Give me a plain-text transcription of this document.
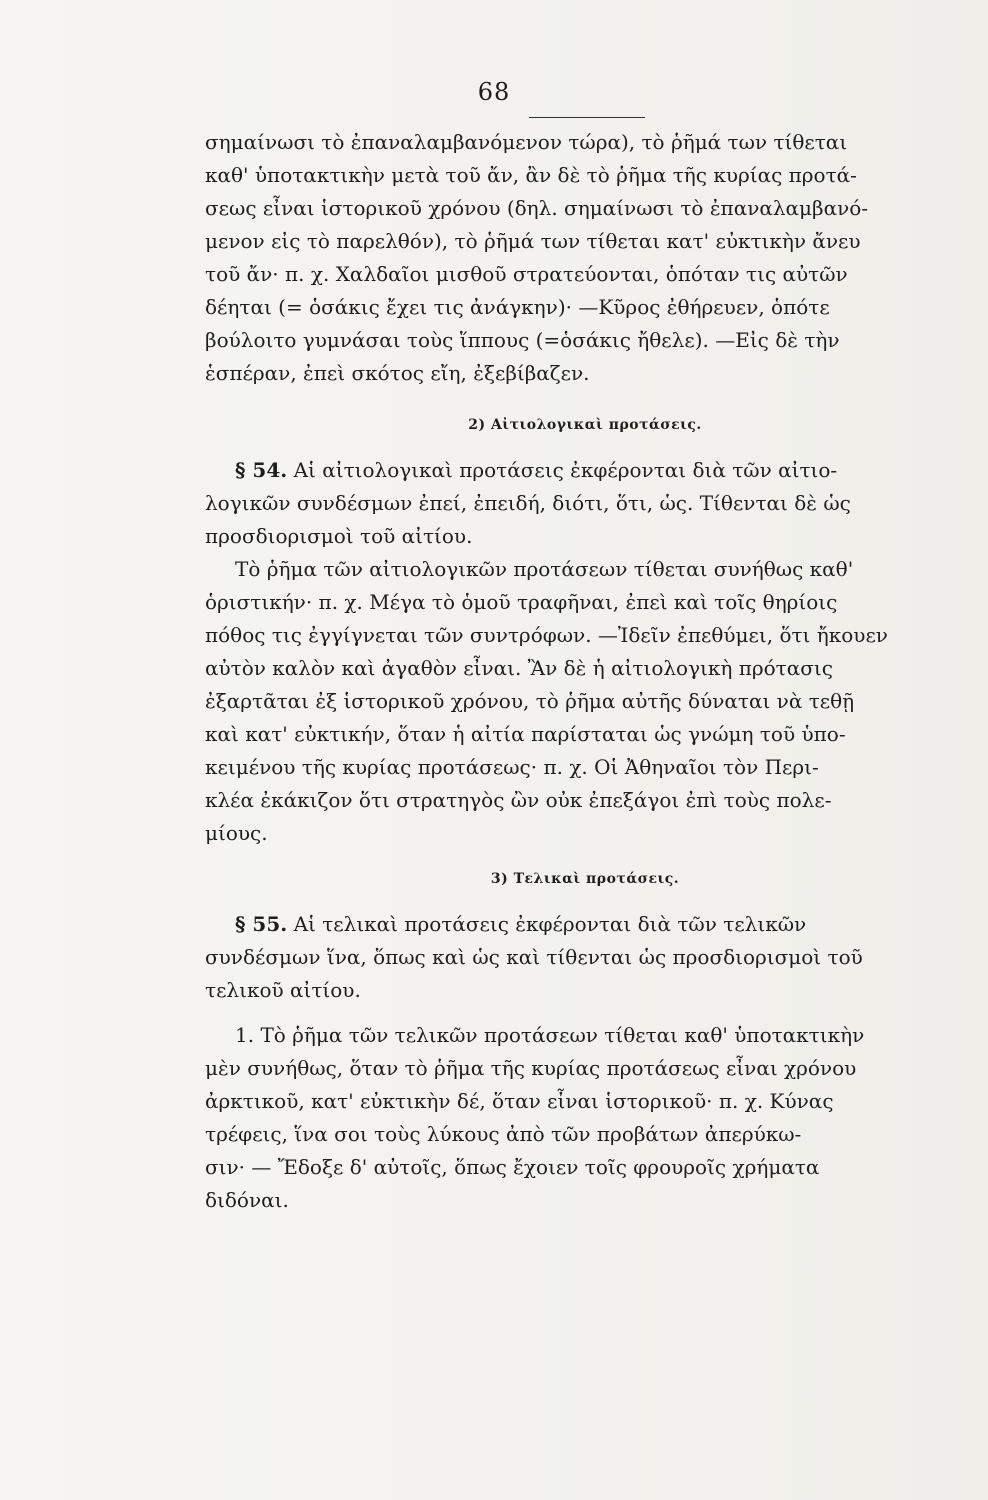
68
σημαίνωσι τὸ ἐπαναλαμβανόμενον τώρα), τὸ ῥῆμά των τίθεται
καθ' ὑποτακτικὴν μετὰ τοῦ ἄν, ἂν δὲ τὸ ῥῆμα τῆς κυρίας προτά-
σεως εἶναι ἱστορικοῦ χρόνου (δηλ. σημαίνωσι τὸ ἐπαναλαμβανό-
μενον εἰς τὸ παρελθόν), τὸ ῥῆμά των τίθεται κατ' εὐκτικὴν ἄνευ
τοῦ ἄν· π. χ. Χαλδαῖοι μισθοῦ στρατεύονται, ὁπόταν τις αὐτῶν
δέηται (= ὁσάκις ἔχει τις ἀνάγκην)· —Κῦρος ἐθήρευεν, ὁπότε
βούλοιτο γυμνάσαι τοὺς ἵππους (=ὁσάκις ἤθελε). —Εἰς δὲ τὴν
ἑσπέραν, ἐπεὶ σκότος εἴη, ἐξεβίβαζεν.
2) Αἰτιολογικαὶ προτάσεις.
§ 54. Αἱ αἰτιολογικαὶ προτάσεις ἐκφέρονται διὰ τῶν αἰτιο-
λογικῶν συνδέσμων ἐπεί, ἐπειδή, διότι, ὅτι, ὡς. Τίθενται δὲ ὡς
προσδιορισμοὶ τοῦ αἰτίου.
Τὸ ῥῆμα τῶν αἰτιολογικῶν προτάσεων τίθεται συνήθως καθ'
ὁριστικήν· π. χ. Μέγα τὸ ὁμοῦ τραφῆναι, ἐπεὶ καὶ τοῖς θηρίοις
πόθος τις ἐγγίγνεται τῶν συντρόφων. —Ἰδεῖν ἐπεθύμει, ὅτι ἤκουεν
αὐτὸν καλὸν καὶ ἀγαθὸν εἶναι. Ἂν δὲ ἡ αἰτιολογικὴ πρότασις
ἐξαρτᾶται ἐξ ἱστορικοῦ χρόνου, τὸ ῥῆμα αὐτῆς δύναται νὰ τεθῇ
καὶ κατ' εὐκτικήν, ὅταν ἡ αἰτία παρίσταται ὡς γνώμη τοῦ ὑπο-
κειμένου τῆς κυρίας προτάσεως· π. χ. Οἱ Ἀθηναῖοι τὸν Περι-
κλέα ἐκάκιζον ὅτι στρατηγὸς ὢν οὐκ ἐπεξάγοι ἐπὶ τοὺς πολε-
μίους.
3) Τελικαὶ προτάσεις.
§ 55. Αἱ τελικαὶ προτάσεις ἐκφέρονται διὰ τῶν τελικῶν
συνδέσμων ἵνα, ὅπως καὶ ὡς καὶ τίθενται ὡς προσδιορισμοὶ τοῦ
τελικοῦ αἰτίου.
1. Τὸ ῥῆμα τῶν τελικῶν προτάσεων τίθεται καθ' ὑποτακτικὴν
μὲν συνήθως, ὅταν τὸ ῥῆμα τῆς κυρίας προτάσεως εἶναι χρόνου
ἀρκτικοῦ, κατ' εὐκτικὴν δέ, ὅταν εἶναι ἱστορικοῦ· π. χ. Κύνας
τρέφεις, ἵνα σοι τοὺς λύκους ἀπὸ τῶν προβάτων ἀπερύκω-
σιν· — Ἔδοξε δ' αὐτοῖς, ὅπως ἔχοιεν τοῖς φρουροῖς χρήματα
διδόναι.
